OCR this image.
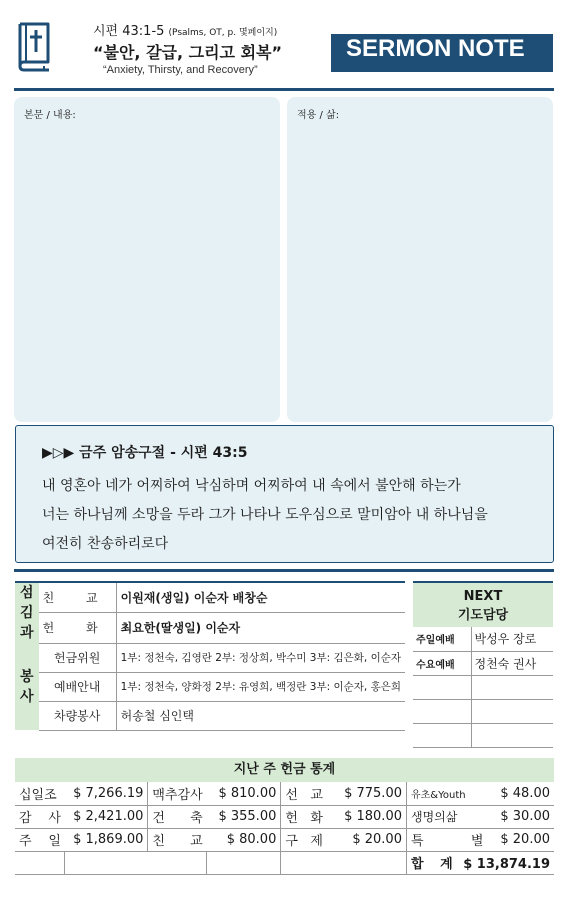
시편 43:1-5 (Psalms, OT, p. 몇페이지)
“불안, 갈급, 그리고 회복”
“Anxiety, Thirsty, and Recovery”
SERMON NOTE
본문 / 내용:	적용 / 삶:
▶▷▶ 금주 암송구절 - 시편 43:5
내 영혼아 네가 어찌하여 낙심하며 어찌하여 내 속에서 불안해 하는가
너는 하나님께 소망을 두라 그가 나타나 도우심으로 말미암아 내 하나님을
여전히 찬송하리로다
섬
김
과	친 교	이원재(생일) 이순자 배창순
	헌 화	최요한(딸생일) 이순자
봉
사	헌금위원	1부: 정천숙, 김영란 2부: 정상희, 박수미 3부: 김은화, 이순자
	예배안내	1부: 정천숙, 양화정 2부: 유영희, 백정란 3부: 이순자, 홍은희
	차량봉사	허송철 심인택
NEXT
기도담당
주일예배	박성우 장로
수요예배	정천숙 권사

지난 주 헌금 통계
십일조	$ 7,266.19	맥추감사	$ 810.00	선 교	$ 775.00	유초&Youth	$ 48.00
감 사	$ 2,421.00	건 축	$ 355.00	헌 화	$ 180.00	생명의삶	$ 30.00
주 일	$ 1,869.00	친 교	$ 80.00	구 제	$ 20.00	특 별	$ 20.00
						합 계 $ 13,874.19	
